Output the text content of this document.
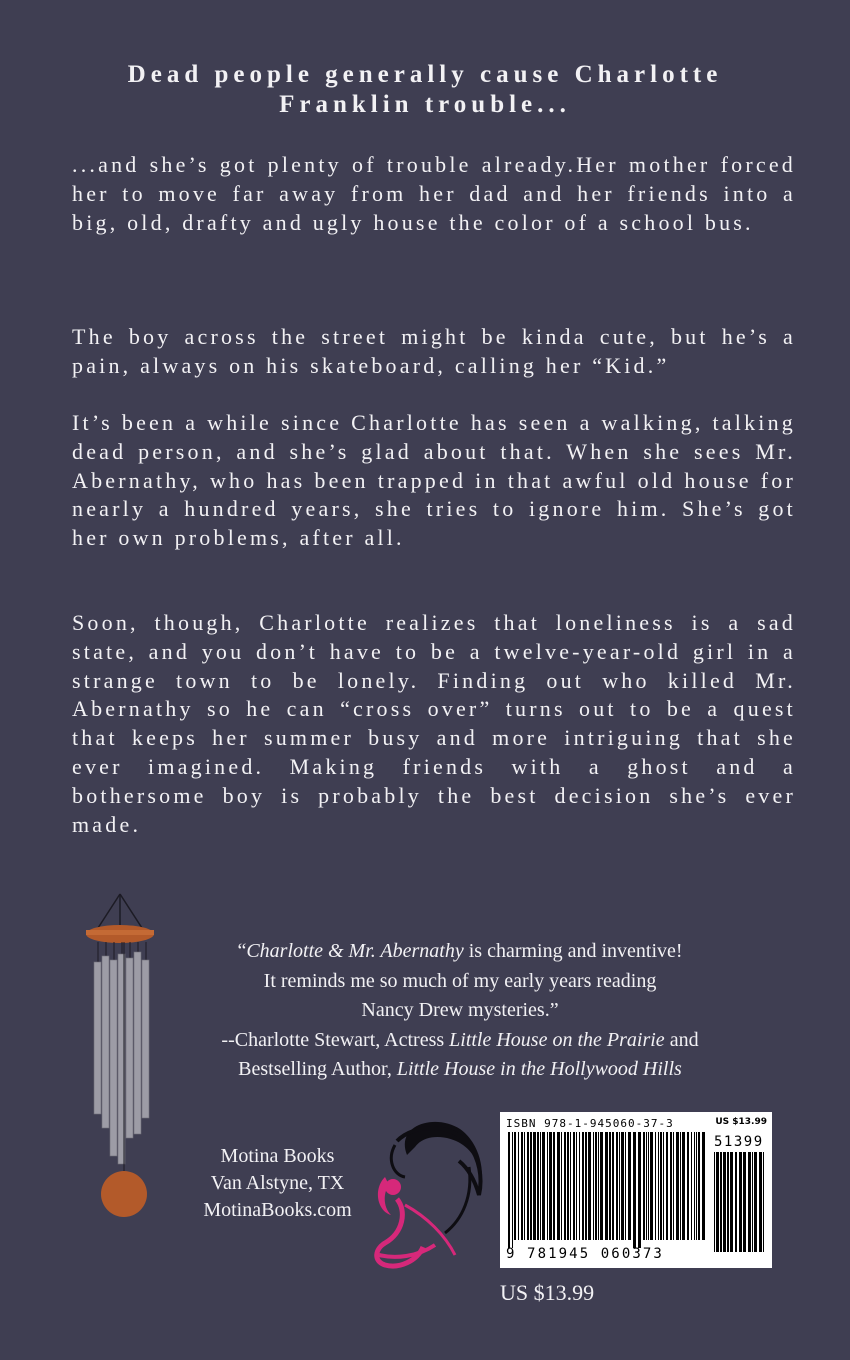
Dead people generally cause Charlotte Franklin trouble...
...and she’s got plenty of trouble already.Her mother forced her to move far away from her dad and her friends into a big, old, drafty and ugly house the color of a school bus.
The boy across the street might be kinda cute, but he’s a pain, always on his skateboard, calling her “Kid.”
It’s been a while since Charlotte has seen a walking, talking dead person, and she’s glad about that. When she sees Mr. Abernathy, who has been trapped in that awful old house for nearly a hundred years, she tries to ignore him. She’s got her own problems, after all.
Soon, though, Charlotte realizes that loneliness is a sad state, and you don’t have to be a twelve-year-old girl in a strange town to be lonely. Finding out who killed Mr. Abernathy so he can “cross over” turns out to be a quest that keeps her summer busy and more intriguing that she ever imagined. Making friends with a ghost and a bothersome boy is probably the best decision she’s ever made.
“Charlotte & Mr. Abernathy is charming and inventive!
It reminds me so much of my early years reading
Nancy Drew mysteries.”
--Charlotte Stewart, Actress Little House on the Prairie and
Bestselling Author, Little House in the Hollywood Hills
Motina Books
Van Alstyne, TX
MotinaBooks.com
ISBN 978-1-945060-37-3	US $13.99
51399
9 781945 060373
US $13.99
